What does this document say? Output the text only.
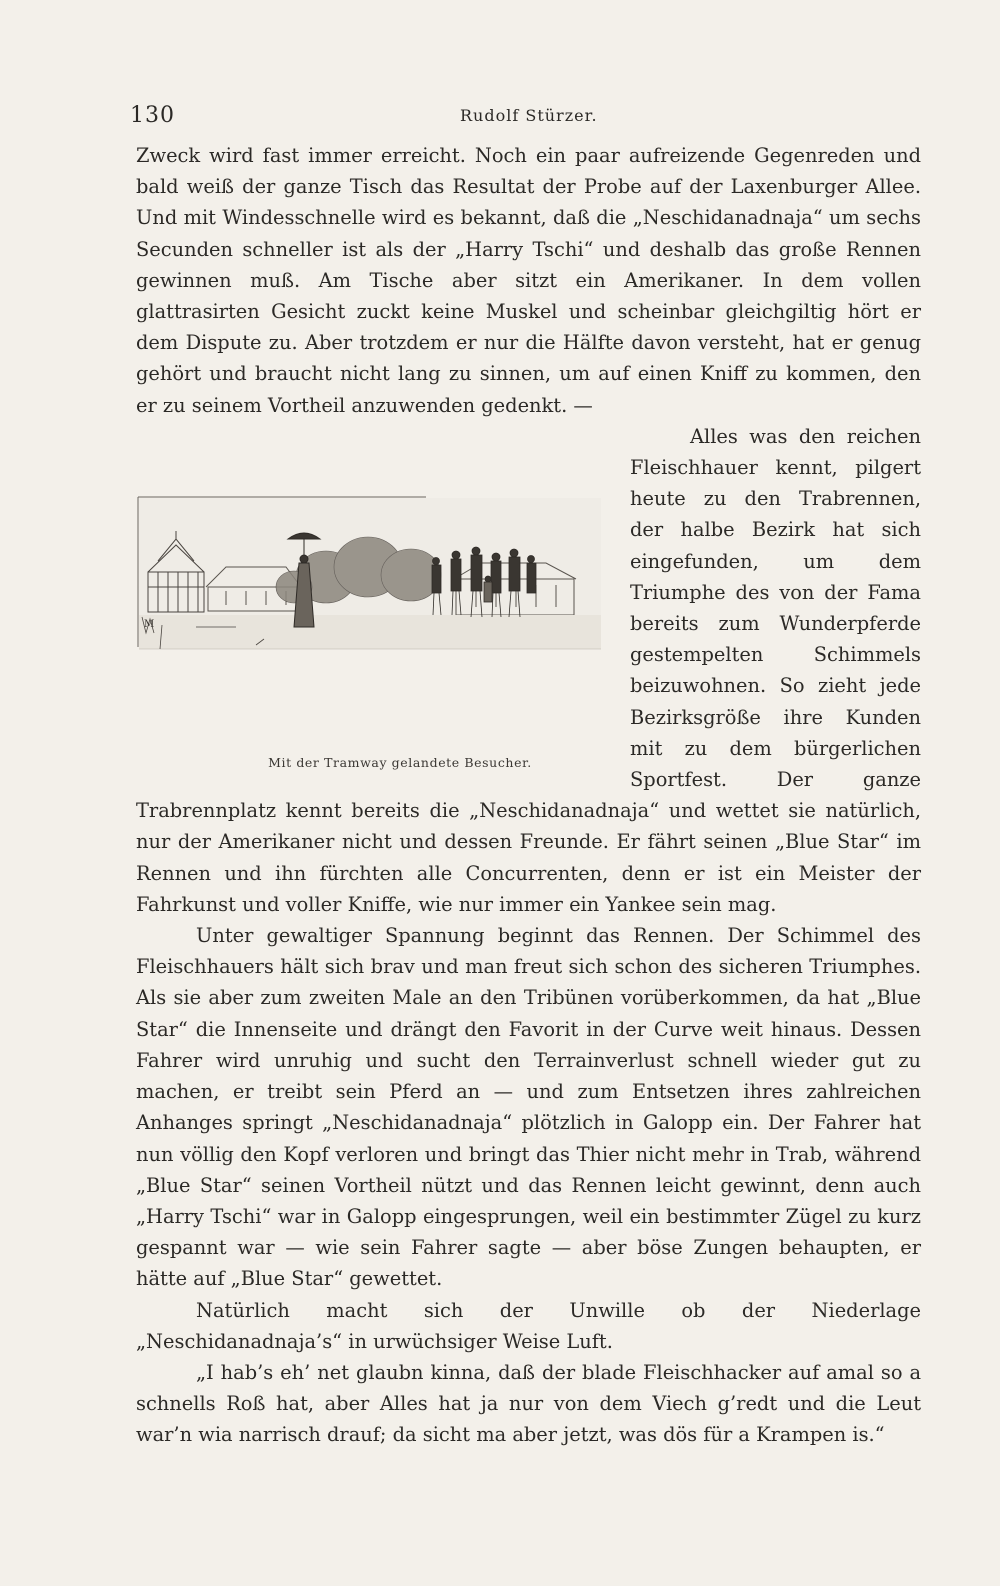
130	Rudolf Stürzer.

Zweck wird fast immer erreicht. Noch ein paar aufreizende Gegenreden und bald weiß der ganze Tisch das Resultat der Probe auf der Laxenburger Allee. Und mit Windesschnelle wird es bekannt, daß die „Neschidanadnaja“ um sechs Secunden schneller ist als der „Harry Tschi“ und deshalb das große Rennen gewinnen muß. Am Tische aber sitzt ein Amerikaner. In dem vollen glattrasirten Gesicht zuckt keine Muskel und scheinbar gleichgiltig hört er dem Dispute zu. Aber trotzdem er nur die Hälfte davon versteht, hat er genug gehört und braucht nicht lang zu sinnen, um auf einen Kniff zu kommen, den er zu seinem Vortheil anzuwenden gedenkt. —

M
Mit der Tramway gelandete Besucher.
Alles was den reichen Fleischhauer kennt, pilgert heute zu den Trabrennen, der halbe Bezirk hat sich eingefunden, um dem Triumphe des von der Fama bereits zum Wunderpferde gestempelten Schimmels beizuwohnen. So zieht jede Bezirksgröße ihre Kunden mit zu dem bürgerlichen Sportfest. Der ganze Trabrennplatz kennt bereits die „Neschidanadnaja“ und wettet sie natürlich, nur der Amerikaner nicht und dessen Freunde. Er fährt seinen „Blue Star“ im Rennen und ihn fürchten alle Concurrenten, denn er ist ein Meister der Fahrkunst und voller Kniffe, wie nur immer ein Yankee sein mag.

Unter gewaltiger Spannung beginnt das Rennen. Der Schimmel des Fleischhauers hält sich brav und man freut sich schon des sicheren Triumphes. Als sie aber zum zweiten Male an den Tribünen vorüberkommen, da hat „Blue Star“ die Innenseite und drängt den Favorit in der Curve weit hinaus. Dessen Fahrer wird unruhig und sucht den Terrainverlust schnell wieder gut zu machen, er treibt sein Pferd an — und zum Entsetzen ihres zahlreichen Anhanges springt „Neschidanadnaja“ plötzlich in Galopp ein. Der Fahrer hat nun völlig den Kopf verloren und bringt das Thier nicht mehr in Trab, während „Blue Star“ seinen Vortheil nützt und das Rennen leicht gewinnt, denn auch „Harry Tschi“ war in Galopp eingesprungen, weil ein bestimmter Zügel zu kurz gespannt war — wie sein Fahrer sagte — aber böse Zungen behaupten, er hätte auf „Blue Star“ gewettet.

Natürlich macht sich der Unwille ob der Niederlage „Neschidanadnaja’s“ in urwüchsiger Weise Luft.

„I hab’s eh’ net glaubn kinna, daß der blade Fleischhacker auf amal so a schnells Roß hat, aber Alles hat ja nur von dem Viech g’redt und die Leut war’n wia narrisch drauf; da sicht ma aber jetzt, was dös für a Krampen is.“
